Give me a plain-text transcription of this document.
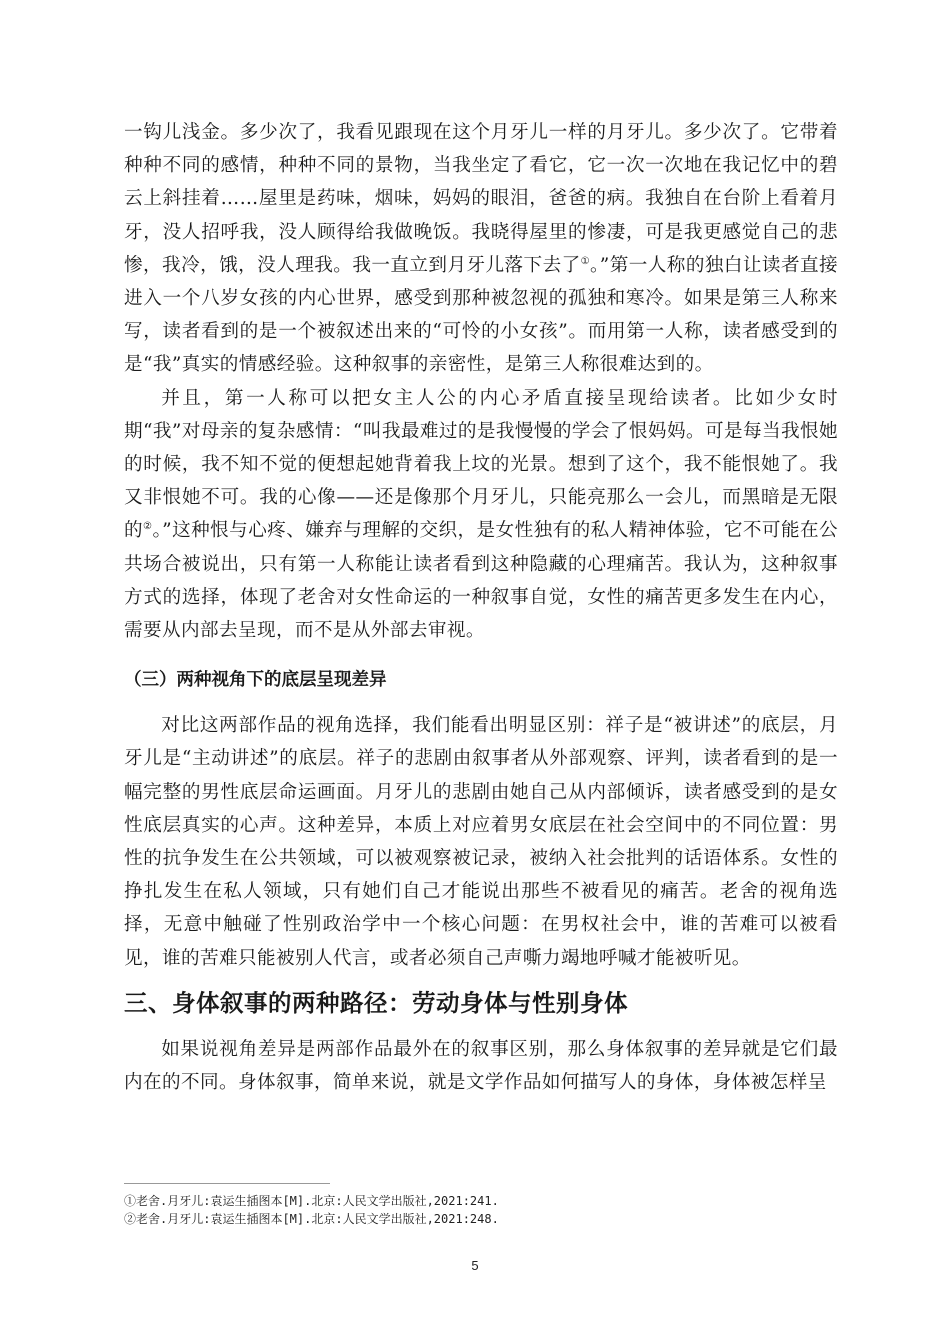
一钩儿浅金。多少次了，我看见跟现在这个月牙儿一样的月牙儿。多少次了。它带着种种不同的感情，种种不同的景物，当我坐定了看它，它一次一次地在我记忆中的碧云上斜挂着……屋里是药味，烟味，妈妈的眼泪，爸爸的病。我独自在台阶上看着月牙，没人招呼我，没人顾得给我做晚饭。我晓得屋里的惨凄，可是我更感觉自己的悲惨，我冷，饿，没人理我。我一直立到月牙儿落下去了①。”第一人称的独白让读者直接进入一个八岁女孩的内心世界，感受到那种被忽视的孤独和寒冷。如果是第三人称来写，读者看到的是一个被叙述出来的“可怜的小女孩”。而用第一人称，读者感受到的是“我”真实的情感经验。这种叙事的亲密性，是第三人称很难达到的。

并且，第一人称可以把女主人公的内心矛盾直接呈现给读者。比如少女时期“我”对母亲的复杂感情：“叫我最难过的是我慢慢的学会了恨妈妈。可是每当我恨她的时候，我不知不觉的便想起她背着我上坟的光景。想到了这个，我不能恨她了。我又非恨她不可。我的心像——还是像那个月牙儿，只能亮那么一会儿，而黑暗是无限的②。”这种恨与心疼、嫌弃与理解的交织，是女性独有的私人精神体验，它不可能在公共场合被说出，只有第一人称能让读者看到这种隐藏的心理痛苦。我认为，这种叙事方式的选择，体现了老舍对女性命运的一种叙事自觉，女性的痛苦更多发生在内心，需要从内部去呈现，而不是从外部去审视。

（三）两种视角下的底层呈现差异

对比这两部作品的视角选择，我们能看出明显区别：祥子是“被讲述”的底层，月牙儿是“主动讲述”的底层。祥子的悲剧由叙事者从外部观察、评判，读者看到的是一幅完整的男性底层命运画面。月牙儿的悲剧由她自己从内部倾诉，读者感受到的是女性底层真实的心声。这种差异，本质上对应着男女底层在社会空间中的不同位置：男性的抗争发生在公共领域，可以被观察被记录，被纳入社会批判的话语体系。女性的挣扎发生在私人领域，只有她们自己才能说出那些不被看见的痛苦。老舍的视角选择，无意中触碰了性别政治学中一个核心问题：在男权社会中，谁的苦难可以被看见，谁的苦难只能被别人代言，或者必须自己声嘶力竭地呼喊才能被听见。

三、身体叙事的两种路径：劳动身体与性别身体

如果说视角差异是两部作品最外在的叙事区别，那么身体叙事的差异就是它们最内在的不同。身体叙事，简单来说，就是文学作品如何描写人的身体，身体被怎样呈

①老舍.月牙儿:袁运生插图本[M].北京:人民文学出版社,2021:241.
②老舍.月牙儿:袁运生插图本[M].北京:人民文学出版社,2021:248.
5
